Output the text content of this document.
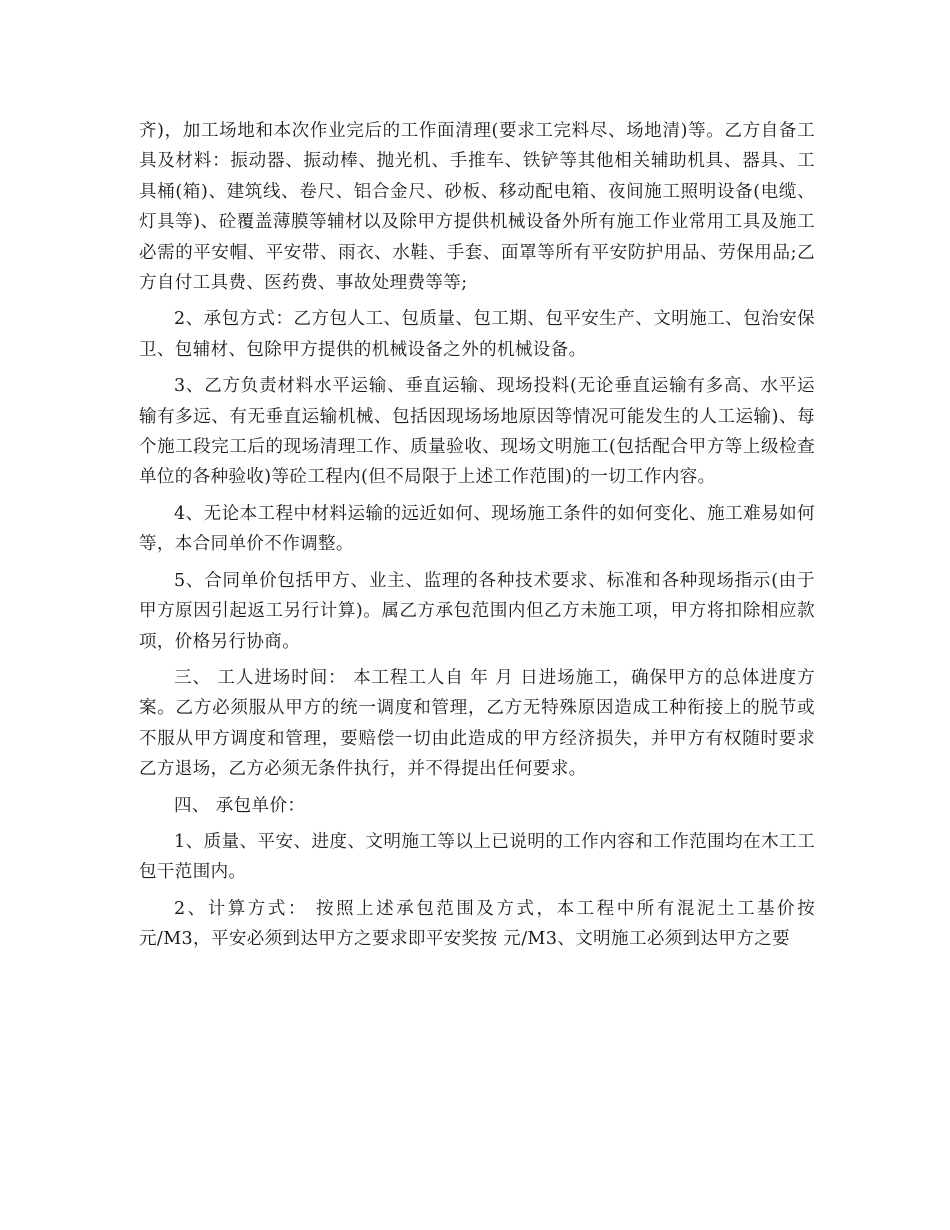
齐)，加工场地和本次作业完后的工作面清理(要求工完料尽、场地清)等。乙方自备工具及材料：振动器、振动棒、抛光机、手推车、铁铲等其他相关辅助机具、器具、工具桶(箱)、建筑线、卷尺、铝合金尺、砂板、移动配电箱、夜间施工照明设备(电缆、灯具等)、砼覆盖薄膜等辅材以及除甲方提供机械设备外所有施工作业常用工具及施工必需的平安帽、平安带、雨衣、水鞋、手套、面罩等所有平安防护用品、劳保用品;乙方自付工具费、医药费、事故处理费等等;

2、承包方式：乙方包人工、包质量、包工期、包平安生产、文明施工、包治安保卫、包辅材、包除甲方提供的机械设备之外的机械设备。

3、乙方负责材料水平运输、垂直运输、现场投料(无论垂直运输有多高、水平运输有多远、有无垂直运输机械、包括因现场场地原因等情况可能发生的人工运输)、每个施工段完工后的现场清理工作、质量验收、现场文明施工(包括配合甲方等上级检查单位的各种验收)等砼工程内(但不局限于上述工作范围)的一切工作内容。

4、无论本工程中材料运输的远近如何、现场施工条件的如何变化、施工难易如何等，本合同单价不作调整。

5、合同单价包括甲方、业主、监理的各种技术要求、标准和各种现场指示(由于甲方原因引起返工另行计算)。属乙方承包范围内但乙方未施工项，甲方将扣除相应款项，价格另行协商。

三、 工人进场时间： 本工程工人自 年 月 日进场施工，确保甲方的总体进度方案。乙方必须服从甲方的统一调度和管理，乙方无特殊原因造成工种衔接上的脱节或不服从甲方调度和管理，要赔偿一切由此造成的甲方经济损失，并甲方有权随时要求乙方退场，乙方必须无条件执行，并不得提出任何要求。

四、 承包单价：

1、质量、平安、进度、文明施工等以上已说明的工作内容和工作范围均在木工工包干范围内。

2、计算方式： 按照上述承包范围及方式，本工程中所有混泥土工基价按 元/M3，平安必须到达甲方之要求即平安奖按 元/M3、文明施工必须到达甲方之要
